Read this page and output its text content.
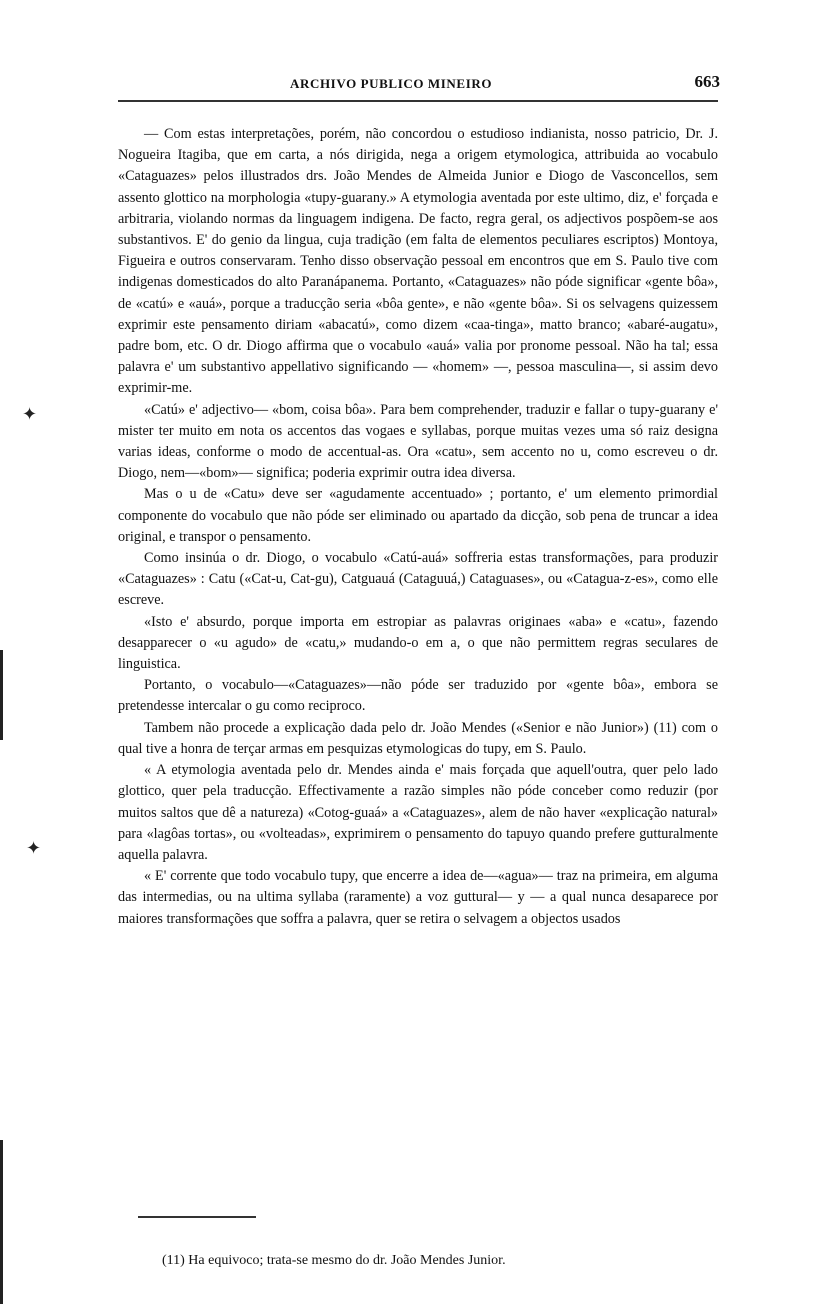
ARCHIVO PUBLICO MINEIRO	663

— Com estas interpretações, porém, não concordou o estudioso indianista, nosso patricio, Dr. J. Nogueira Itagiba, que em carta, a nós dirigida, nega a origem etymologica, attribuida ao vocabulo «Cataguazes» pelos illustrados drs. João Mendes de Almeida Junior e Diogo de Vasconcellos, sem assento glottico na morphologia «tupy-guarany.» A etymologia aventada por este ultimo, diz, e' forçada e arbitraria, violando normas da linguagem indigena. De facto, regra geral, os adjectivos pospõem-se aos substantivos. E' do genio da lingua, cuja tradição (em falta de elementos peculiares escriptos) Montoya, Figueira e outros conservaram. Tenho disso observação pessoal em encontros que em S. Paulo tive com indigenas domesticados do alto Paranápanema. Portanto, «Cataguazes» não póde significar «gente bôa», de «catú» e «auá», porque a traducção seria «bôa gente», e não «gente bôa». Si os selvagens quizessem exprimir este pensamento diriam «abacatú», como dizem «caa-tinga», matto branco; «abaré-augatu», padre bom, etc. O dr. Diogo affirma que o vocabulo «auá» valia por pronome pessoal. Não ha tal; essa palavra e' um substantivo appellativo significando — «homem» —, pessoa masculina—, si assim devo exprimir-me.

«Catú» e' adjectivo— «bom, coisa bôa». Para bem comprehender, traduzir e fallar o tupy-guarany e' mister ter muito em nota os accentos das vogaes e syllabas, porque muitas vezes uma só raiz designa varias ideas, conforme o modo de accentual-as. Ora «catu», sem accento no u, como escreveu o dr. Diogo, nem—«bom»— significa; poderia exprimir outra idea diversa.

Mas o u de «Catu» deve ser «agudamente accentuado» ; portanto, e' um elemento primordial componente do vocabulo que não póde ser eliminado ou apartado da dicção, sob pena de truncar a idea original, e transpor o pensamento.

Como insinúa o dr. Diogo, o vocabulo «Catú-auá» soffreria estas transformações, para produzir «Cataguazes» : Catu («Cat-u, Cat-gu), Catguauá (Cataguuá,) Cataguases», ou «Catagua-z-es», como elle escreve.

«Isto e' absurdo, porque importa em estropiar as palavras originaes «aba» e «catu», fazendo desapparecer o «u agudo» de «catu,» mudando-o em a, o que não permittem regras seculares de linguistica.

Portanto, o vocabulo—«Cataguazes»—não póde ser traduzido por «gente bôa», embora se pretendesse intercalar o gu como reciproco.

Tambem não procede a explicação dada pelo dr. João Mendes («Senior e não Junior») (11) com o qual tive a honra de terçar armas em pesquizas etymologicas do tupy, em S. Paulo.

« A etymologia aventada pelo dr. Mendes ainda e' mais forçada que aquell'outra, quer pelo lado glottico, quer pela traducção. Effectivamente a razão simples não póde conceber como reduzir (por muitos saltos que dê a natureza) «Cotog-guaá» a «Cataguazes», alem de não haver «explicação natural» para «lagôas tortas», ou «volteadas», exprimirem o pensamento do tapuyo quando prefere gutturalmente aquella palavra.

« E' corrente que todo vocabulo tupy, que encerre a idea de—«agua»— traz na primeira, em alguma das intermedias, ou na ultima syllaba (raramente) a voz guttural— y — a qual nunca desaparece por maiores transformações que soffra a palavra, quer se retira o selvagem a objectos usados

(11) Ha equivoco; trata-se mesmo do dr. João Mendes Junior.
✦
✦
